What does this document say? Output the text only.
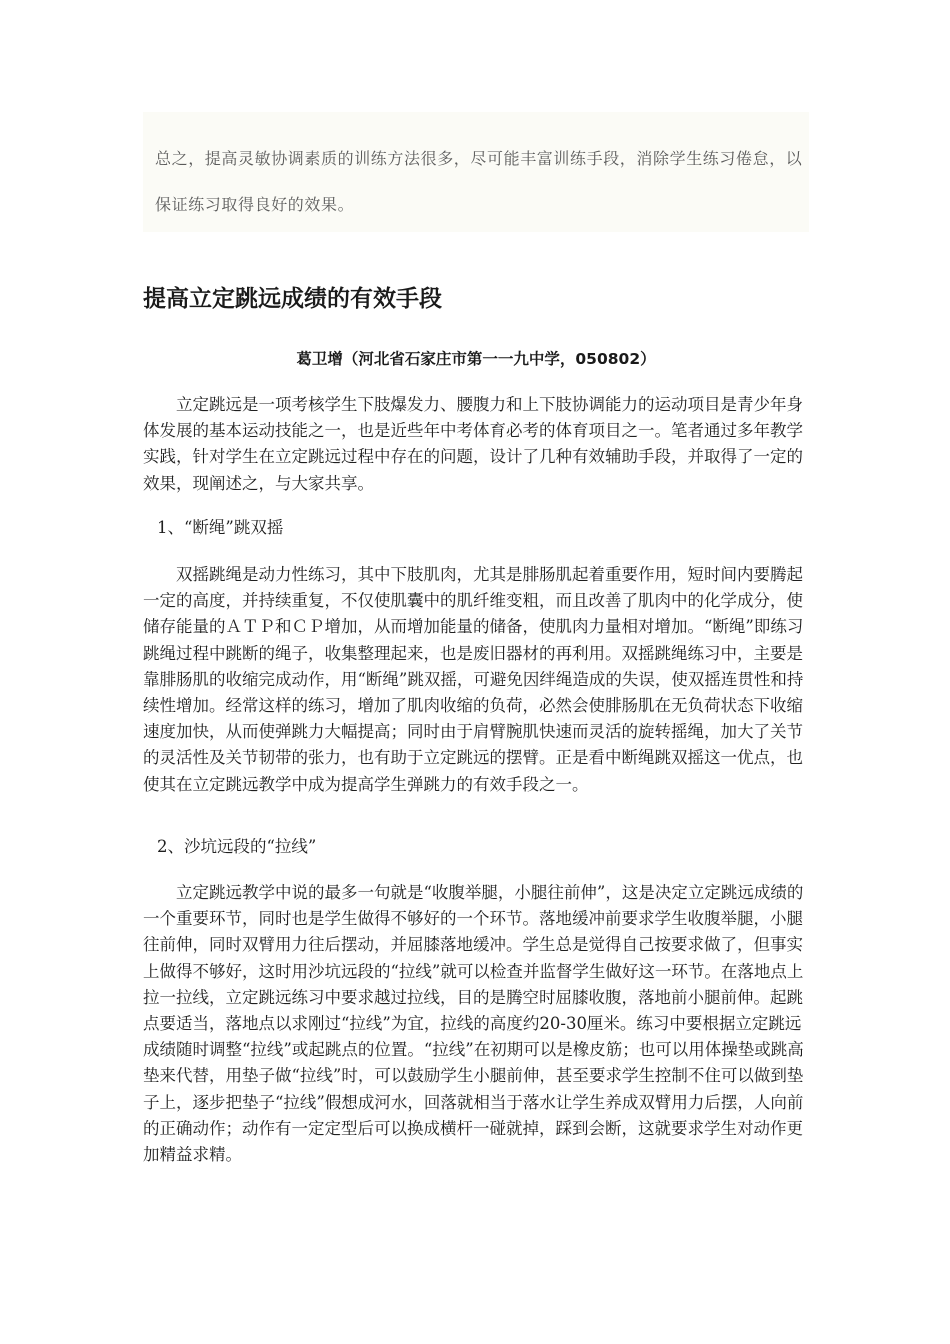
总之，提高灵敏协调素质的训练方法很多，尽可能丰富训练手段，消除学生练习倦怠，以保证练习取得良好的效果。

提高立定跳远成绩的有效手段

葛卫增（河北省石家庄市第一一九中学，050802）

立定跳远是一项考核学生下肢爆发力、腰腹力和上下肢协调能力的运动项目是青少年身体发展的基本运动技能之一，也是近些年中考体育必考的体育项目之一。笔者通过多年教学实践，针对学生在立定跳远过程中存在的问题，设计了几种有效辅助手段，并取得了一定的效果，现阐述之，与大家共享。

1、“断绳”跳双摇

双摇跳绳是动力性练习，其中下肢肌肉，尤其是腓肠肌起着重要作用，短时间内要腾起一定的高度，并持续重复，不仅使肌囊中的肌纤维变粗，而且改善了肌肉中的化学成分，使储存能量的ＡＴＰ和ＣＰ增加，从而增加能量的储备，使肌肉力量相对增加。“断绳”即练习跳绳过程中跳断的绳子，收集整理起来，也是废旧器材的再利用。双摇跳绳练习中，主要是靠腓肠肌的收缩完成动作，用“断绳”跳双摇，可避免因绊绳造成的失误，使双摇连贯性和持续性增加。经常这样的练习，增加了肌肉收缩的负荷，必然会使腓肠肌在无负荷状态下收缩速度加快，从而使弹跳力大幅提高；同时由于肩臂腕肌快速而灵活的旋转摇绳，加大了关节的灵活性及关节韧带的张力，也有助于立定跳远的摆臂。正是看中断绳跳双摇这一优点，也使其在立定跳远教学中成为提高学生弹跳力的有效手段之一。

2、沙坑远段的“拉线”

立定跳远教学中说的最多一句就是“收腹举腿，小腿往前伸”，这是决定立定跳远成绩的一个重要环节，同时也是学生做得不够好的一个环节。落地缓冲前要求学生收腹举腿，小腿往前伸，同时双臂用力往后摆动，并屈膝落地缓冲。学生总是觉得自己按要求做了，但事实上做得不够好，这时用沙坑远段的“拉线”就可以检查并监督学生做好这一环节。在落地点上拉一拉线，立定跳远练习中要求越过拉线，目的是腾空时屈膝收腹，落地前小腿前伸。起跳点要适当，落地点以求刚过“拉线”为宜，拉线的高度约20-30厘米。练习中要根据立定跳远成绩随时调整“拉线”或起跳点的位置。“拉线”在初期可以是橡皮筋；也可以用体操垫或跳高垫来代替，用垫子做“拉线”时，可以鼓励学生小腿前伸，甚至要求学生控制不住可以做到垫子上，逐步把垫子“拉线”假想成河水，回落就相当于落水让学生养成双臂用力后摆，人向前的正确动作；动作有一定定型后可以换成横杆一碰就掉，踩到会断，这就要求学生对动作更加精益求精。
